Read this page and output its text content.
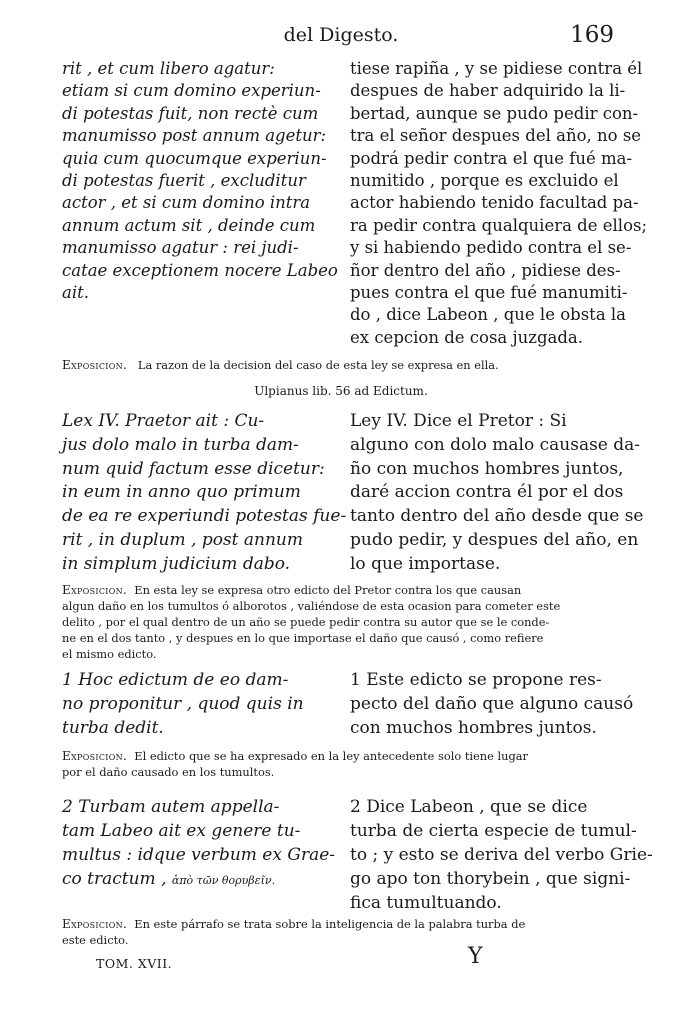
del Digesto.	169
rit , et cum libero agatur:
etiam si cum domino experiun-
di potestas fuit, non rectè cum
manumisso post annum agetur:
quia cum quocumque experiun-
di potestas fuerit , excluditur
actor , et si cum domino intra
annum actum sit , deinde cum
manumisso agatur : rei judi-
catae exceptionem nocere Labeo
ait.
tiese rapiña , y se pidiese contra él
despues de haber adquirido la li-
bertad, aunque se pudo pedir con-
tra el señor despues del año, no se
podrá pedir contra el que fué ma-
numitido , porque es excluido el
actor habiendo tenido facultad pa-
ra pedir contra qualquiera de ellos;
y si habiendo pedido contra el se-
ñor dentro del año , pidiese des-
pues contra el que fué manumiti-
do , dice Labeon , que le obsta la
ex cepcion de cosa juzgada.
Exposicion. La razon de la decision del caso de esta ley se expresa en ella.
Ulpianus lib. 56 ad Edictum.
Lex IV. Praetor ait : Cu-
jus dolo malo in turba dam-
num quid factum esse dicetur:
in eum in anno quo primum
de ea re experiundi potestas fue-
rit , in duplum , post annum
in simplum judicium dabo.
Ley IV. Dice el Pretor : Si
alguno con dolo malo causase da-
ño con muchos hombres juntos,
daré accion contra él por el dos
tanto dentro del año desde que se
pudo pedir, y despues del año, en
lo que importase.
Exposicion. En esta ley se expresa otro edicto del Pretor contra los que causan
algun daño en los tumultos ó alborotos , valiéndose de esta ocasion para cometer este
delito , por el qual dentro de un año se puede pedir contra su autor que se le conde-
ne en el dos tanto , y despues en lo que importase el daño que causó , como refiere
el mismo edicto.
1 Hoc edictum de eo dam-
no proponitur , quod quis in
turba dedit.
1 Este edicto se propone res-
pecto del daño que alguno causó
con muchos hombres juntos.
Exposicion. El edicto que se ha expresado en la ley antecedente solo tiene lugar
por el daño causado en los tumultos.
2 Turbam autem appella-
tam Labeo ait ex genere tu-
multus : idque verbum ex Grae-
co tractum , ἀπὸ τῶν θορυβεῖν.
2 Dice Labeon , que se dice
turba de cierta especie de tumul-
to ; y esto se deriva del verbo Grie-
go apo ton thorybein , que signi-
fica tumultuando.
Exposicion. En este párrafo se trata sobre la inteligencia de la palabra turba de
este edicto.
TOM. XVII.	Y
